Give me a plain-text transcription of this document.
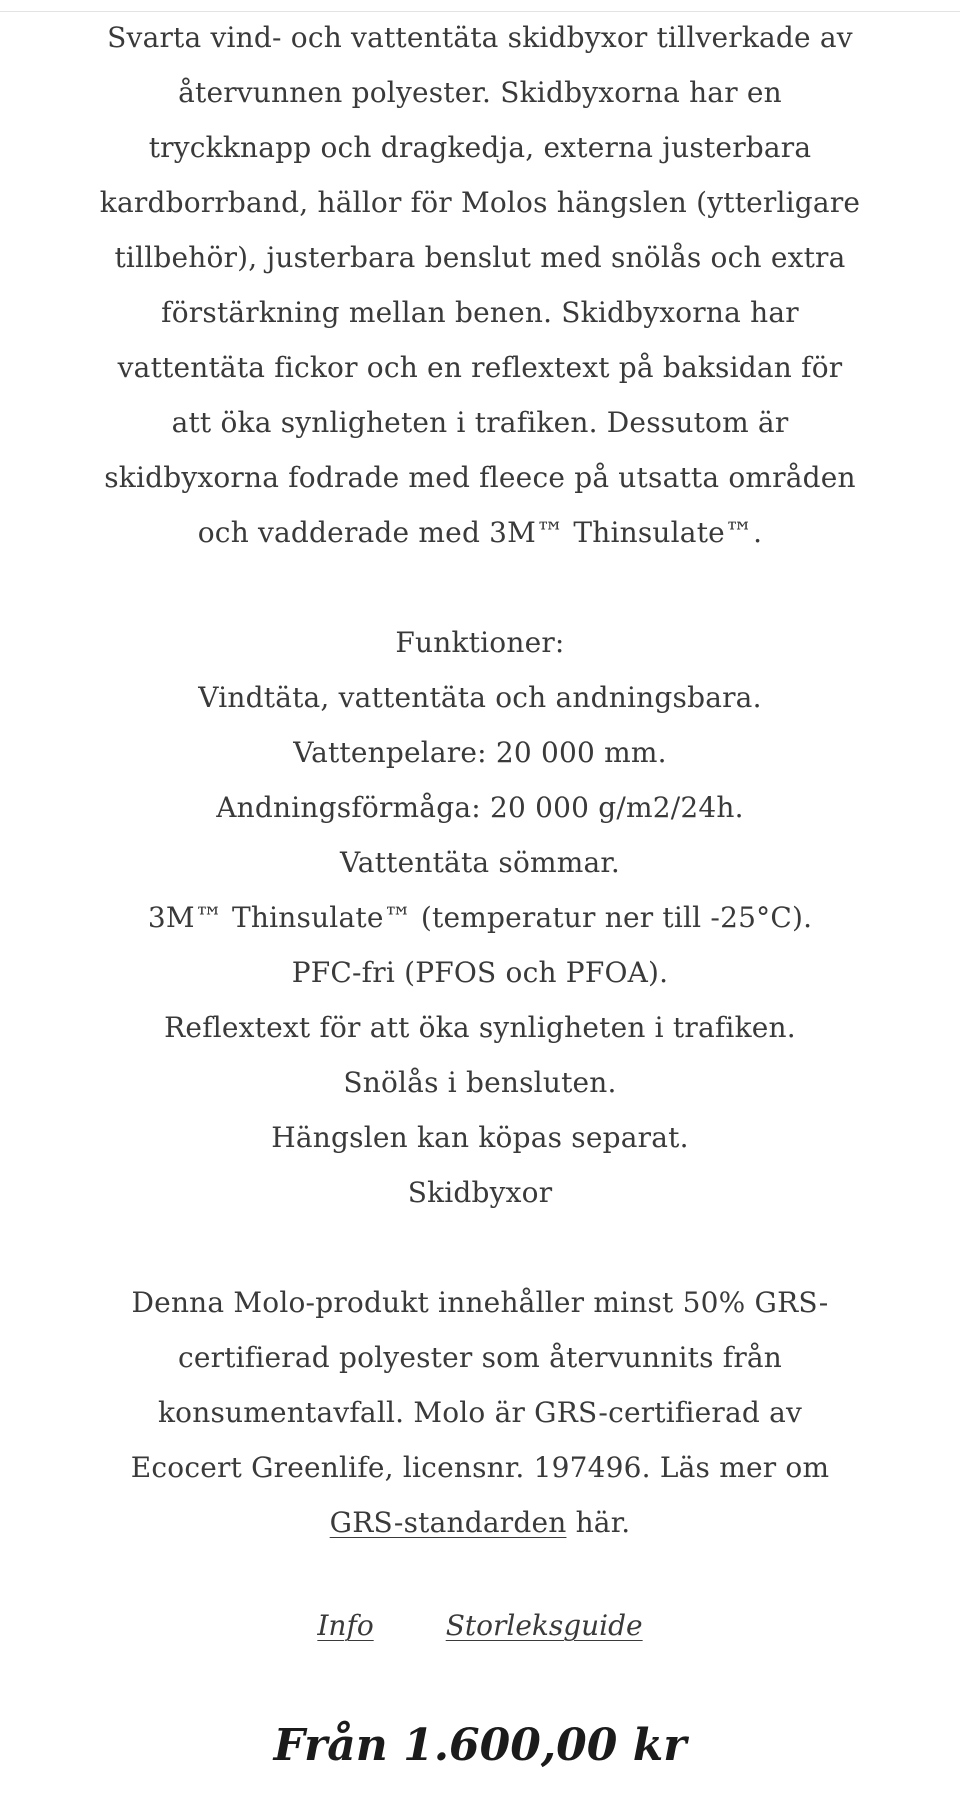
Svarta vind- och vattentäta skidbyxor tillverkade av
återvunnen polyester. Skidbyxorna har en
tryckknapp och dragkedja, externa justerbara
kardborrband, hällor för Molos hängslen (ytterligare
tillbehör), justerbara benslut med snölås och extra
förstärkning mellan benen. Skidbyxorna har
vattentäta fickor och en reflextext på baksidan för
att öka synligheten i trafiken. Dessutom är
skidbyxorna fodrade med fleece på utsatta områden
och vadderade med 3M™ Thinsulate™.
Funktioner:
Vindtäta, vattentäta och andningsbara.
Vattenpelare: 20 000 mm.
Andningsförmåga: 20 000 g/m2/24h.
Vattentäta sömmar.
3M™ Thinsulate™ (temperatur ner till -25°C).
PFC-fri (PFOS och PFOA).
Reflextext för att öka synligheten i trafiken.
Snölås i bensluten.
Hängslen kan köpas separat.
Skidbyxor
Denna Molo-produkt innehåller minst 50% GRS-
certifierad polyester som återvunnits från
konsumentavfall. Molo är GRS-certifierad av
Ecocert Greenlife, licensnr. 197496. Läs mer om
GRS-standarden här.
Info	Storleksguide
Från 1.600,00 kr
